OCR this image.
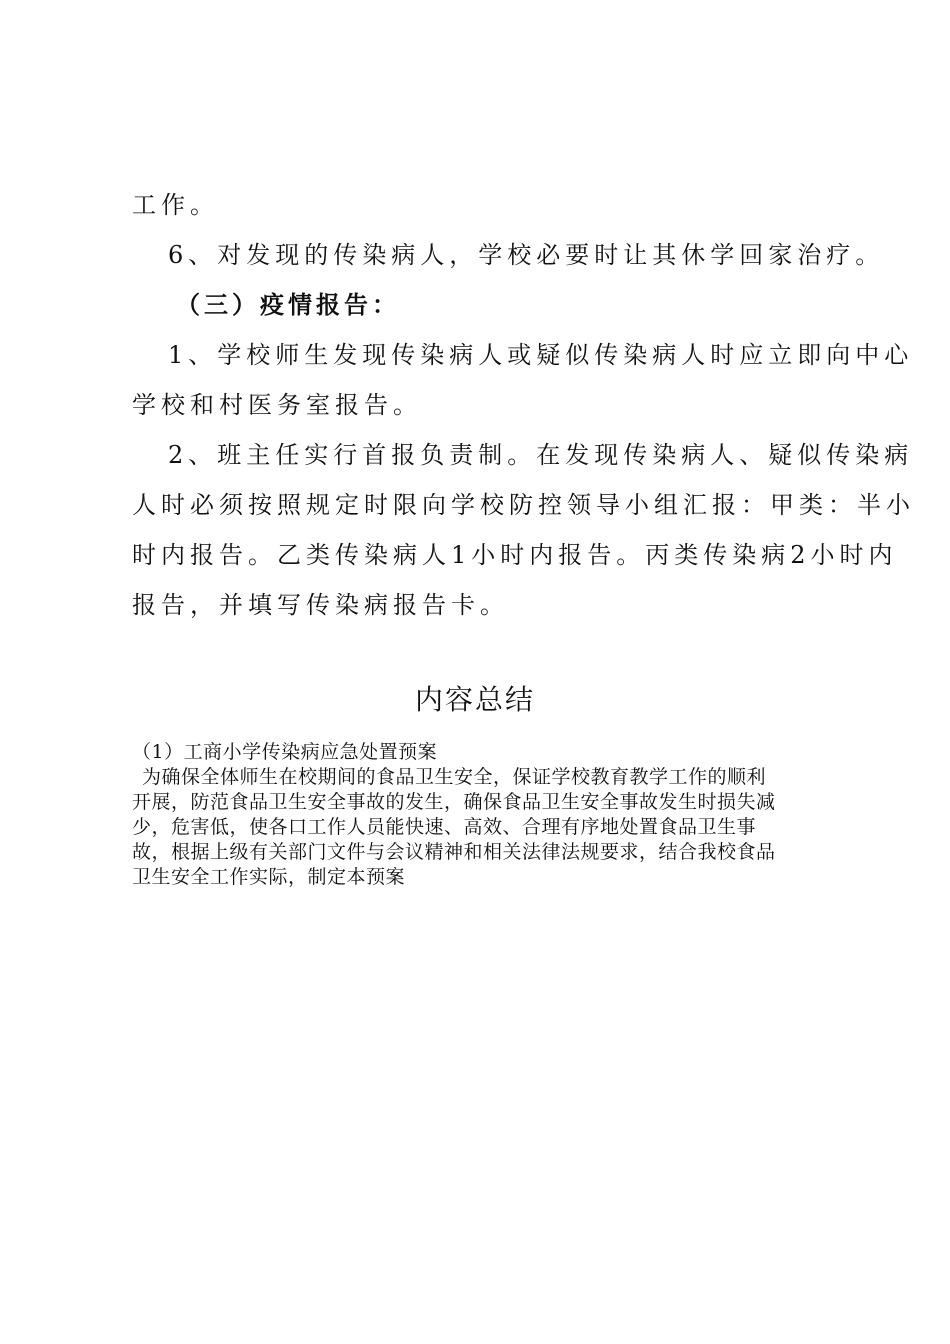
工作。
6、对发现的传染病人，学校必要时让其休学回家治疗。
（三）疫情报告：
1、学校师生发现传染病人或疑似传染病人时应立即向中心
学校和村医务室报告。
2、班主任实行首报负责制。在发现传染病人、疑似传染病
人时必须按照规定时限向学校防控领导小组汇报：甲类：半小
时内报告。乙类传染病人1小时内报告。丙类传染病2小时内
报告，并填写传染病报告卡。
内容总结
（1）工商小学传染病应急处置预案
为确保全体师生在校期间的食品卫生安全，保证学校教育教学工作的顺利
开展，防范食品卫生安全事故的发生，确保食品卫生安全事故发生时损失减
少，危害低，使各口工作人员能快速、高效、合理有序地处置食品卫生事
故，根据上级有关部门文件与会议精神和相关法律法规要求，结合我校食品
卫生安全工作实际，制定本预案
